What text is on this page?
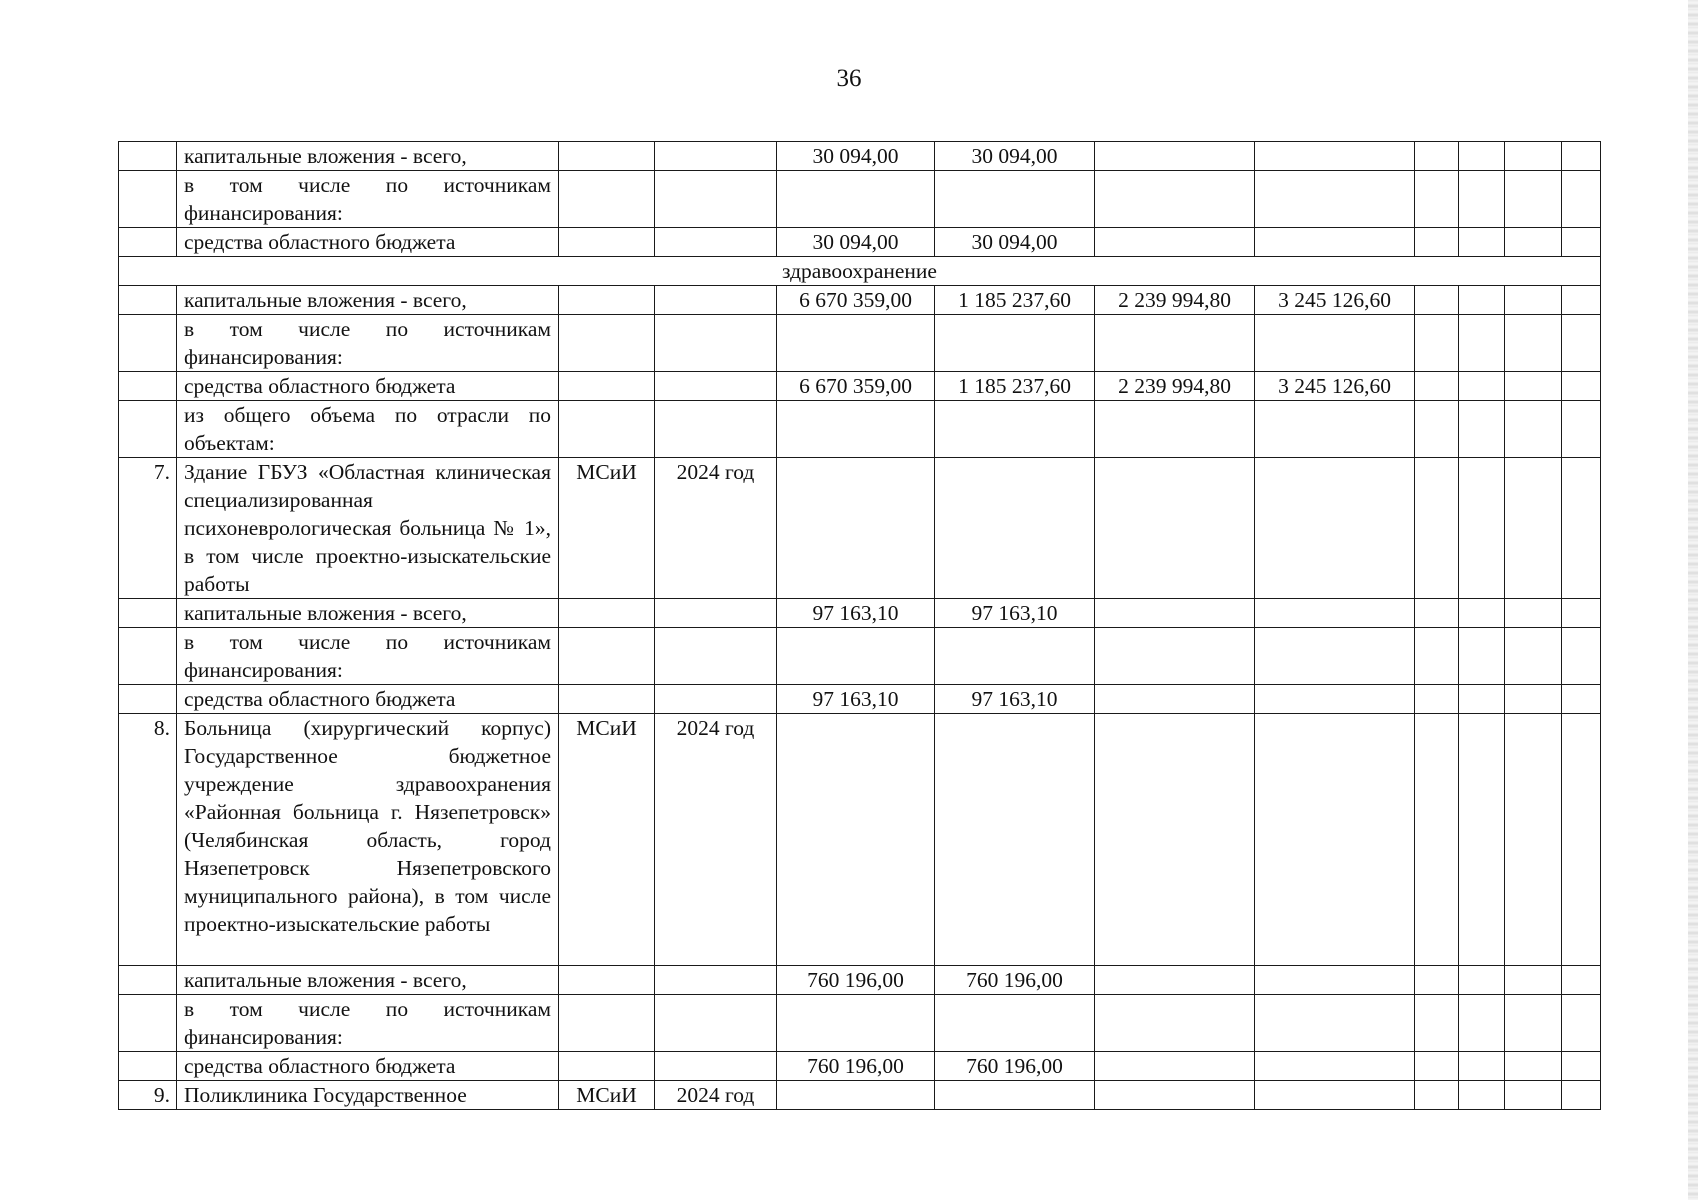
36
	капитальные вложения - всего,			30 094,00	30 094,00						
	в том числе по источникам финансирования:										
	средства областного бюджета			30 094,00	30 094,00						
здравоохранение											
	капитальные вложения - всего,			6 670 359,00	1 185 237,60	2 239 994,80	3 245 126,60				
	в том числе по источникам финансирования:										
	средства областного бюджета			6 670 359,00	1 185 237,60	2 239 994,80	3 245 126,60				
	из общего объема по отрасли по объектам:										
7.	Здание ГБУЗ «Областная клиническая специализированная психоневрологическая больница № 1», в том числе проектно-изыскательские работы	МСиИ	2024 год								
	капитальные вложения - всего,			97 163,10	97 163,10						
	в том числе по источникам финансирования:										
	средства областного бюджета			97 163,10	97 163,10						
8.	Больница (хирургический корпус) Государственное бюджетное учреждение здравоохранения «Районная больница г. Нязепетровск» (Челябинская область, город Нязепетровск Нязепетровского муниципального района), в том числе проектно-изыскательские работы	МСиИ	2024 год								
	капитальные вложения - всего,			760 196,00	760 196,00						
	в том числе по источникам финансирования:										
	средства областного бюджета			760 196,00	760 196,00						
9.	Поликлиника Государственное	МСиИ	2024 год								
